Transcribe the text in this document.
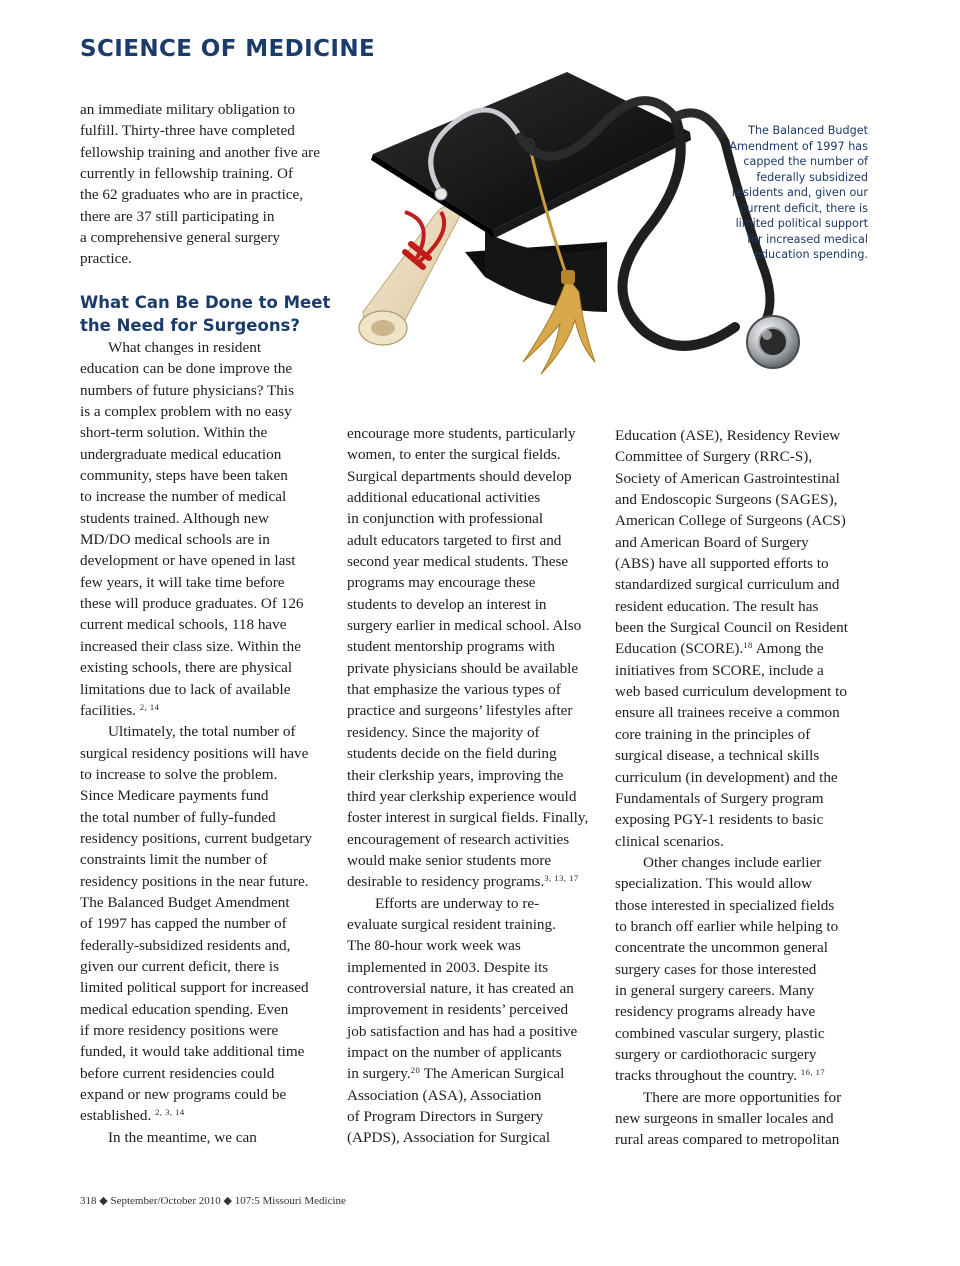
SCIENCE OF MEDICINE
an immediate military obligation to
fulfill. Thirty-three have completed
fellowship training and another five are
currently in fellowship training. Of
the 62 graduates who are in practice,
there are 37 still participating in
a comprehensive general surgery
practice.
What Can Be Done to Meet
the Need for Surgeons?
What changes in resident
education can be done improve the
numbers of future physicians? This
is a complex problem with no easy
short-term solution. Within the
undergraduate medical education
community, steps have been taken
to increase the number of medical
students trained. Although new
MD/DO medical schools are in
development or have opened in last
few years, it will take time before
these will produce graduates. Of 126
current medical schools, 118 have
increased their class size. Within the
existing schools, there are physical
limitations due to lack of available
facilities. $^{2, 14}$
Ultimately, the total number of
surgical residency positions will have
to increase to solve the problem.
Since Medicare payments fund
the total number of fully-funded
residency positions, current budgetary
constraints limit the number of
residency positions in the near future.
The Balanced Budget Amendment
of 1997 has capped the number of
federally-subsidized residents and,
given our current deficit, there is
limited political support for increased
medical education spending. Even
if more residency positions were
funded, it would take additional time
before current residencies could
expand or new programs could be
established. $^{2, 3, 14}$
In the meantime, we can
encourage more students, particularly
women, to enter the surgical fields.
Surgical departments should develop
additional educational activities
in conjunction with professional
adult educators targeted to first and
second year medical students. These
programs may encourage these
students to develop an interest in
surgery earlier in medical school. Also
student mentorship programs with
private physicians should be available
that emphasize the various types of
practice and surgeons’ lifestyles after
residency. Since the majority of
students decide on the field during
their clerkship years, improving the
third year clerkship experience would
foster interest in surgical fields. Finally,
encouragement of research activities
would make senior students more
desirable to residency programs.$^{3, 13, 17}$
Efforts are underway to re-
evaluate surgical resident training.
The 80-hour work week was
implemented in 2003. Despite its
controversial nature, it has created an
improvement in residents’ perceived
job satisfaction and has had a positive
impact on the number of applicants
in surgery.$^{20}$ The American Surgical
Association (ASA), Association
of Program Directors in Surgery
(APDS), Association for Surgical
Education (ASE), Residency Review
Committee of Surgery (RRC-S),
Society of American Gastrointestinal
and Endoscopic Surgeons (SAGES),
American College of Surgeons (ACS)
and American Board of Surgery
(ABS) have all supported efforts to
standardized surgical curriculum and
resident education. The result has
been the Surgical Council on Resident
Education (SCORE).$^{18}$ Among the
initiatives from SCORE, include a
web based curriculum development to
ensure all trainees receive a common
core training in the principles of
surgical disease, a technical skills
curriculum (in development) and the
Fundamentals of Surgery program
exposing PGY-1 residents to basic
clinical scenarios.
Other changes include earlier
specialization. This would allow
those interested in specialized fields
to branch off earlier while helping to
concentrate the uncommon general
surgery cases for those interested
in general surgery careers. Many
residency programs already have
combined vascular surgery, plastic
surgery or cardiothoracic surgery
tracks throughout the country. $^{16, 17}$
There are more opportunities for
new surgeons in smaller locales and
rural areas compared to metropolitan
The Balanced Budget
Amendment of 1997 has
capped the number of
federally subsidized
residents and, given our
current deficit, there is
limited political support
for increased medical
education spending.

318 ◆ September/October 2010 ◆ 107:5 Missouri Medicine
